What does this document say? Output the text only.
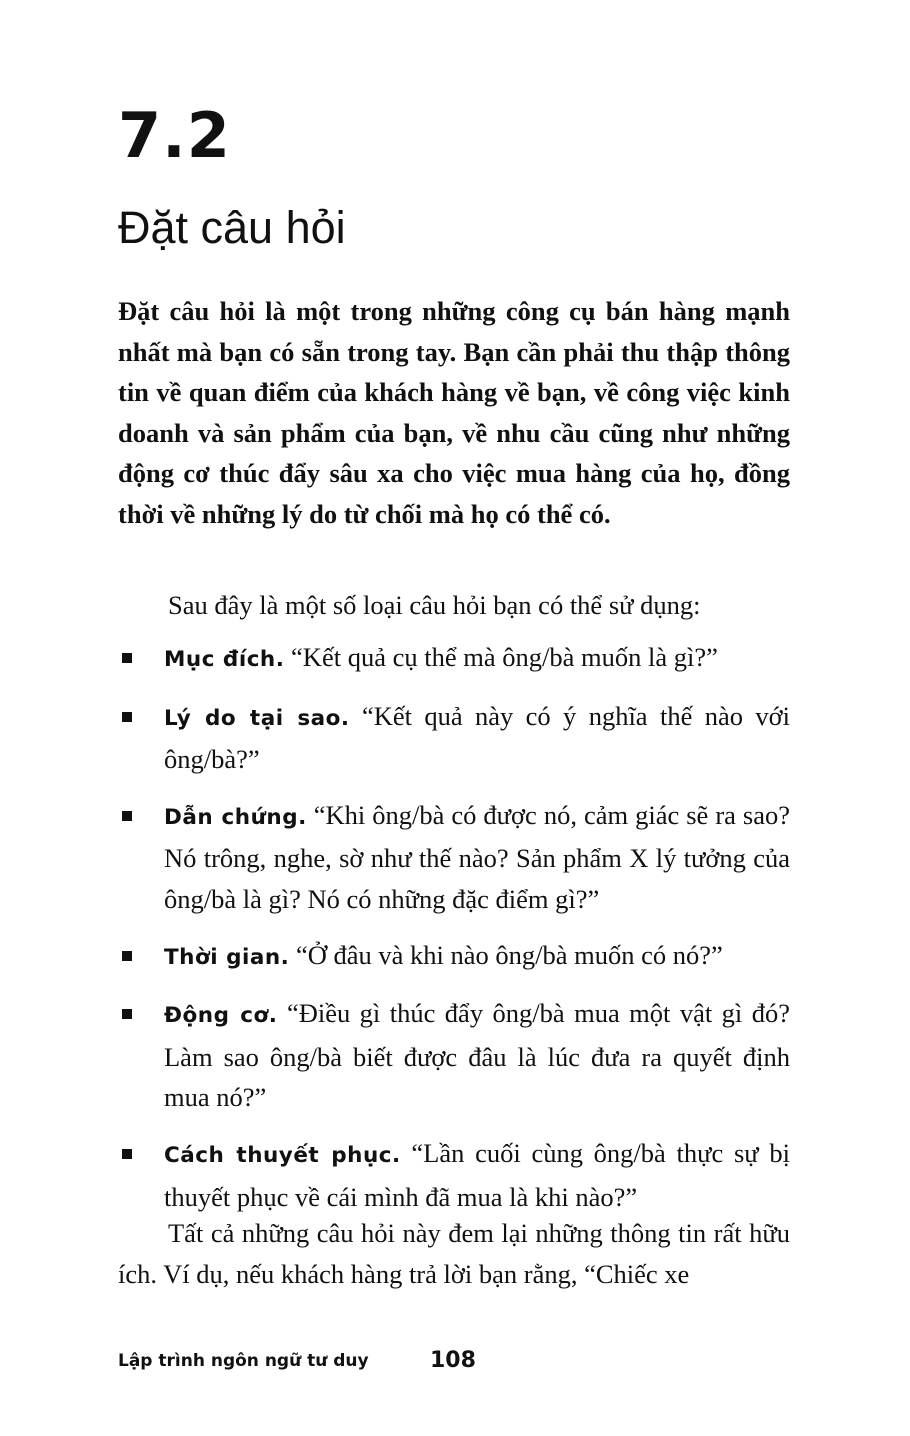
7.2
Đặt câu hỏi

Đặt câu hỏi là một trong những công cụ bán hàng mạnh nhất mà bạn có sẵn trong tay. Bạn cần phải thu thập thông tin về quan điểm của khách hàng về bạn, về công việc kinh doanh và sản phẩm của bạn, về nhu cầu cũng như những động cơ thúc đẩy sâu xa cho việc mua hàng của họ, đồng thời về những lý do từ chối mà họ có thể có.

Sau đây là một số loại câu hỏi bạn có thể sử dụng:

Mục đích. “Kết quả cụ thể mà ông/bà muốn là gì?”
Lý do tại sao. “Kết quả này có ý nghĩa thế nào với ông/bà?”
Dẫn chứng. “Khi ông/bà có được nó, cảm giác sẽ ra sao? Nó trông, nghe, sờ như thế nào? Sản phẩm X lý tưởng của ông/bà là gì? Nó có những đặc điểm gì?”
Thời gian. “Ở đâu và khi nào ông/bà muốn có nó?”
Động cơ. “Điều gì thúc đẩy ông/bà mua một vật gì đó? Làm sao ông/bà biết được đâu là lúc đưa ra quyết định mua nó?”
Cách thuyết phục. “Lần cuối cùng ông/bà thực sự bị thuyết phục về cái mình đã mua là khi nào?”

Tất cả những câu hỏi này đem lại những thông tin rất hữu ích. Ví dụ, nếu khách hàng trả lời bạn rằng, “Chiếc xe

Lập trình ngôn ngữ tư duy	108
